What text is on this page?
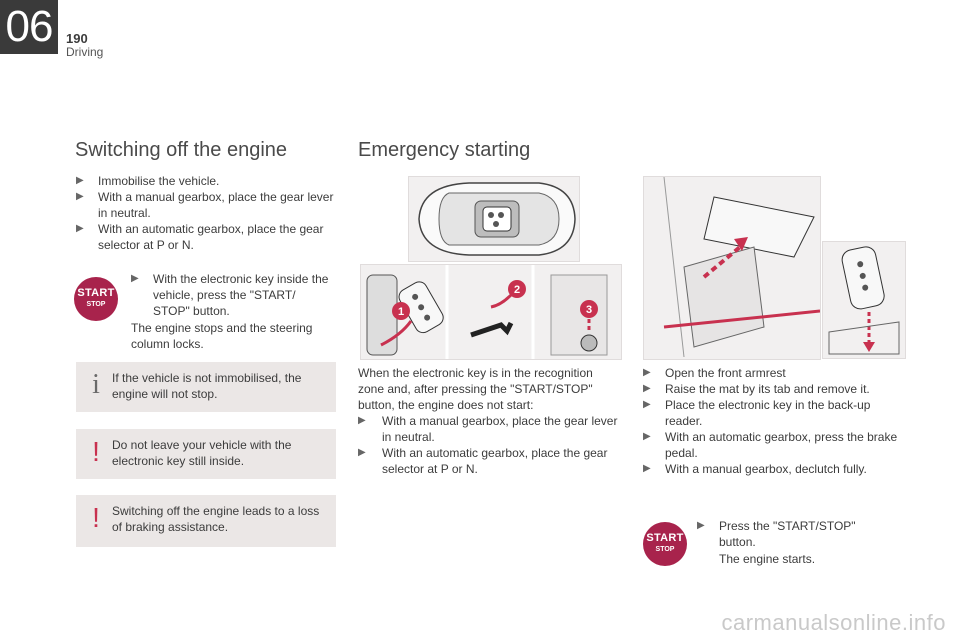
06	190
Driving
Switching off the engine
▶	Immobilise the vehicle.
▶	With a manual gearbox, place the gear lever in neutral.
▶	With an automatic gearbox, place the gear selector at P or N.
START
STOP
▶	With the electronic key inside the vehicle, press the "START/ STOP" button.
The engine stops and the steering column locks.
i	If the vehicle is not immobilised, the engine will not stop.
!	Do not leave your vehicle with the electronic key still inside.
!	Switching off the engine leads to a loss of braking assistance.
Emergency starting
1
2
3
When the electronic key is in the recognition zone and, after pressing the "START/STOP" button, the engine does not start:
▶	With a manual gearbox, place the gear lever in neutral.
▶	With an automatic gearbox, place the gear selector at P or N.
▶	Open the front armrest
▶	Raise the mat by its tab and remove it.
▶	Place the electronic key in the back-up reader.
▶	With an automatic gearbox, press the brake pedal.
▶	With a manual gearbox, declutch fully.
START
STOP
▶	Press the "START/STOP" button.
The engine starts.
carmanualsonline.info
